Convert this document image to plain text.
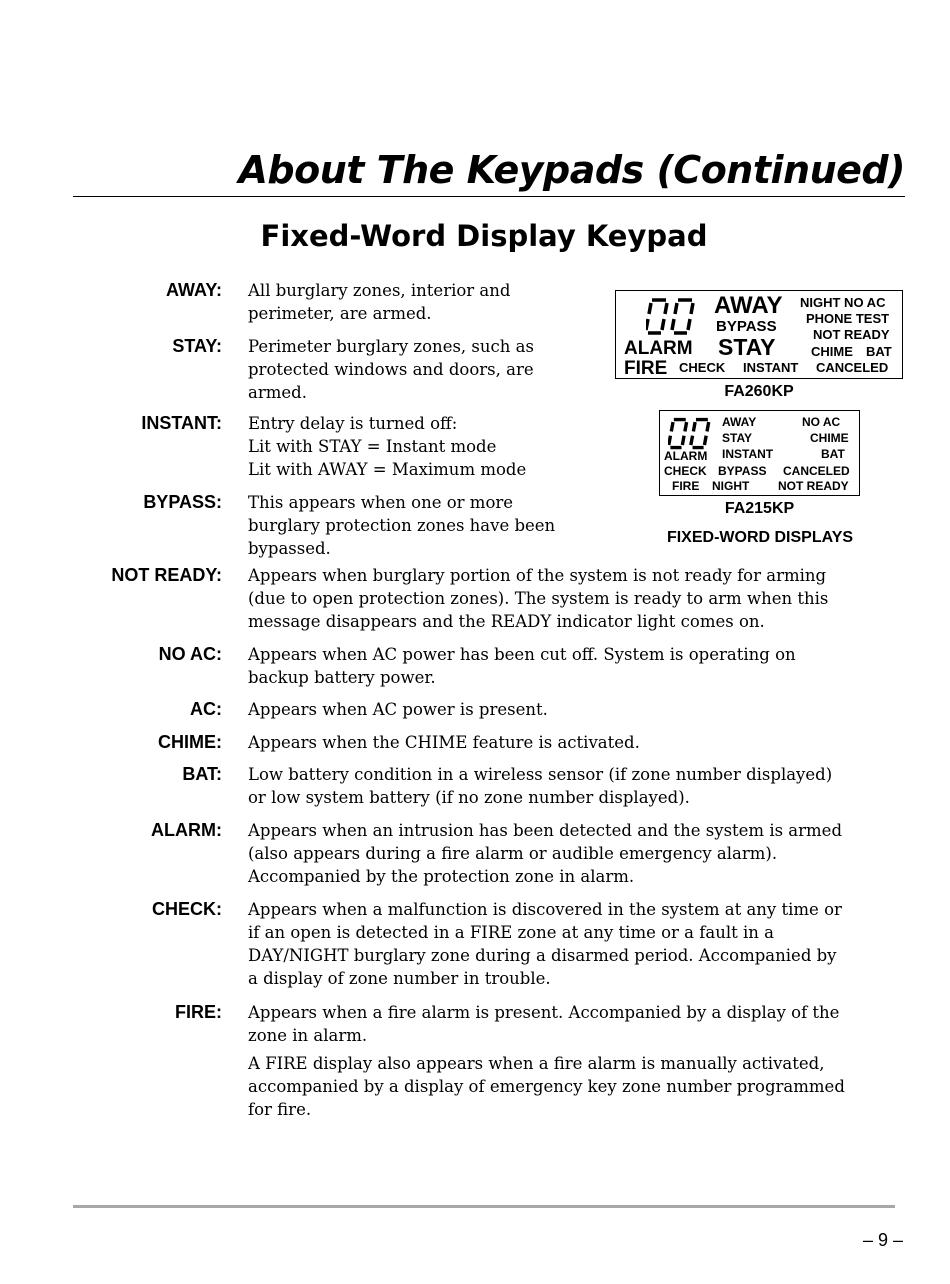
About The Keypads (Continued)
Fixed-Word Display Keypad
AWAY: All burglary zones, interior and
perimeter, are armed.
STAY: Perimeter burglary zones, such as
protected windows and doors, are
armed.
INSTANT: Entry delay is turned off:
Lit with STAY = Instant mode
Lit with AWAY = Maximum mode
BYPASS: This appears when one or more
burglary protection zones have been
bypassed.
NOT READY: Appears when burglary portion of the system is not ready for arming
(due to open protection zones). The system is ready to arm when this
message disappears and the READY indicator light comes on.
NO AC: Appears when AC power has been cut off. System is operating on
backup battery power.
AC: Appears when AC power is present.
CHIME: Appears when the CHIME feature is activated.
BAT: Low battery condition in a wireless sensor (if zone number displayed)
or low system battery (if no zone number displayed).
ALARM: Appears when an intrusion has been detected and the system is armed
(also appears during a fire alarm or audible emergency alarm).
Accompanied by the protection zone in alarm.
CHECK: Appears when a malfunction is discovered in the system at any time or
if an open is detected in a FIRE zone at any time or a fault in a
DAY/NIGHT burglary zone during a disarmed period. Accompanied by
a display of zone number in trouble.
FIRE: Appears when a fire alarm is present. Accompanied by a display of the
zone in alarm.
A FIRE display also appears when a fire alarm is manually activated,
accompanied by a display of emergency key zone number programmed
for fire.
AWAY
BYPASS
ALARM STAY
FIRE CHECK INSTANT
NIGHT NO AC
PHONE TEST
NOT READY
CHIME BAT
CANCELED
FA260KP
AWAY
STAY
INSTANT
ALARM
CHECK BYPASS
FIRE NIGHT
NO AC
CHIME
BAT
CANCELED
NOT READY
FA215KP
FIXED-WORD DISPLAYS
– 9 –
